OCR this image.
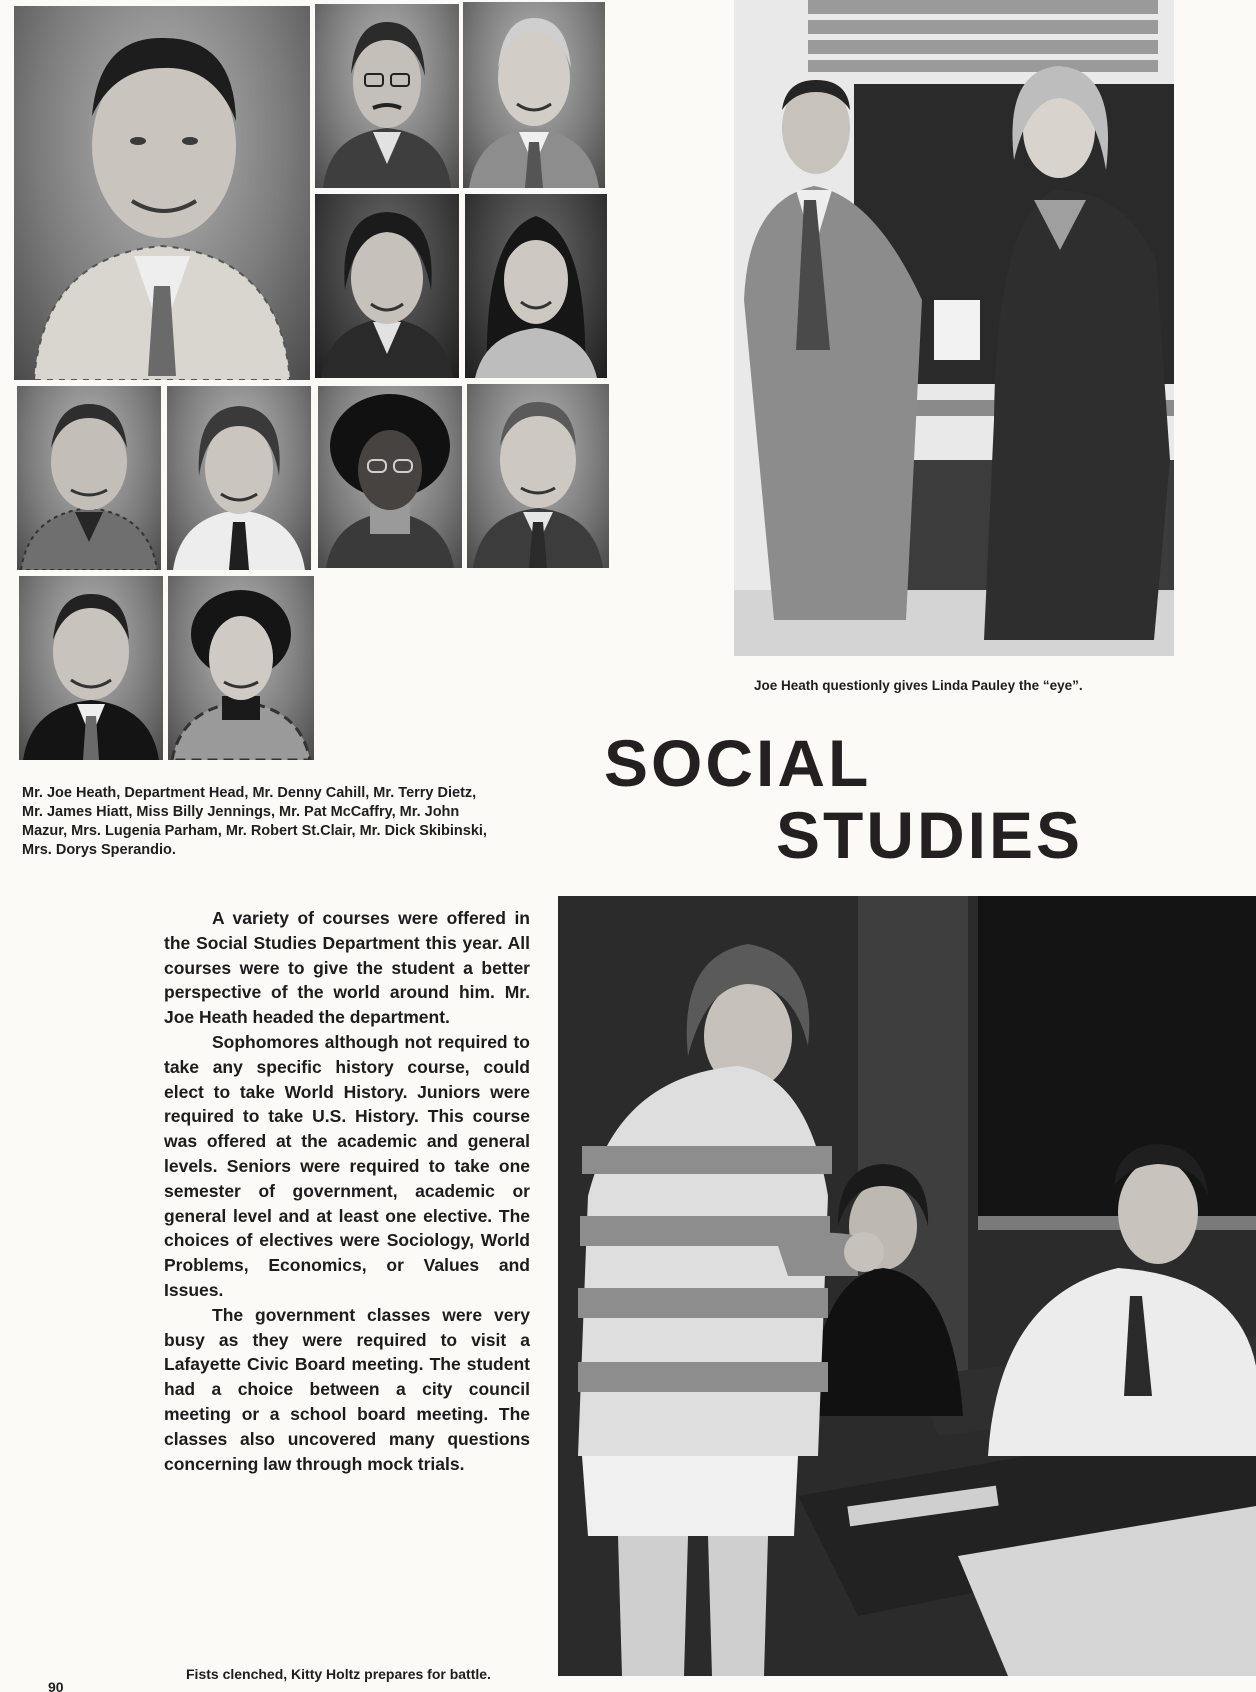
Mr. Joe Heath, Department Head, Mr. Denny Cahill, Mr. Terry Dietz, Mr. James Hiatt, Miss Billy Jennings, Mr. Pat McCaffry, Mr. John Mazur, Mrs. Lugenia Parham, Mr. Robert St.Clair, Mr. Dick Skibinski, Mrs. Dorys Sperandio.

Joe Heath questionly gives Linda Pauley the “eye”.

SOCIAL
STUDIES

A variety of courses were offered in the Social Studies Department this year. All courses were to give the student a better perspective of the world around him. Mr. Joe Heath headed the department.

Sophomores although not required to take any specific history course, could elect to take World History. Juniors were required to take U.S. History. This course was offered at the academic and general levels. Seniors were required to take one semester of government, academic or general level and at least one elective. The choices of electives were Sociology, World Problems, Economics, or Values and Issues.

The government classes were very busy as they were required to visit a Lafayette Civic Board meeting. The student had a choice between a city council meeting or a school board meeting. The classes also uncovered many questions concerning law through mock trials.

Fists clenched, Kitty Holtz prepares for battle.

90
